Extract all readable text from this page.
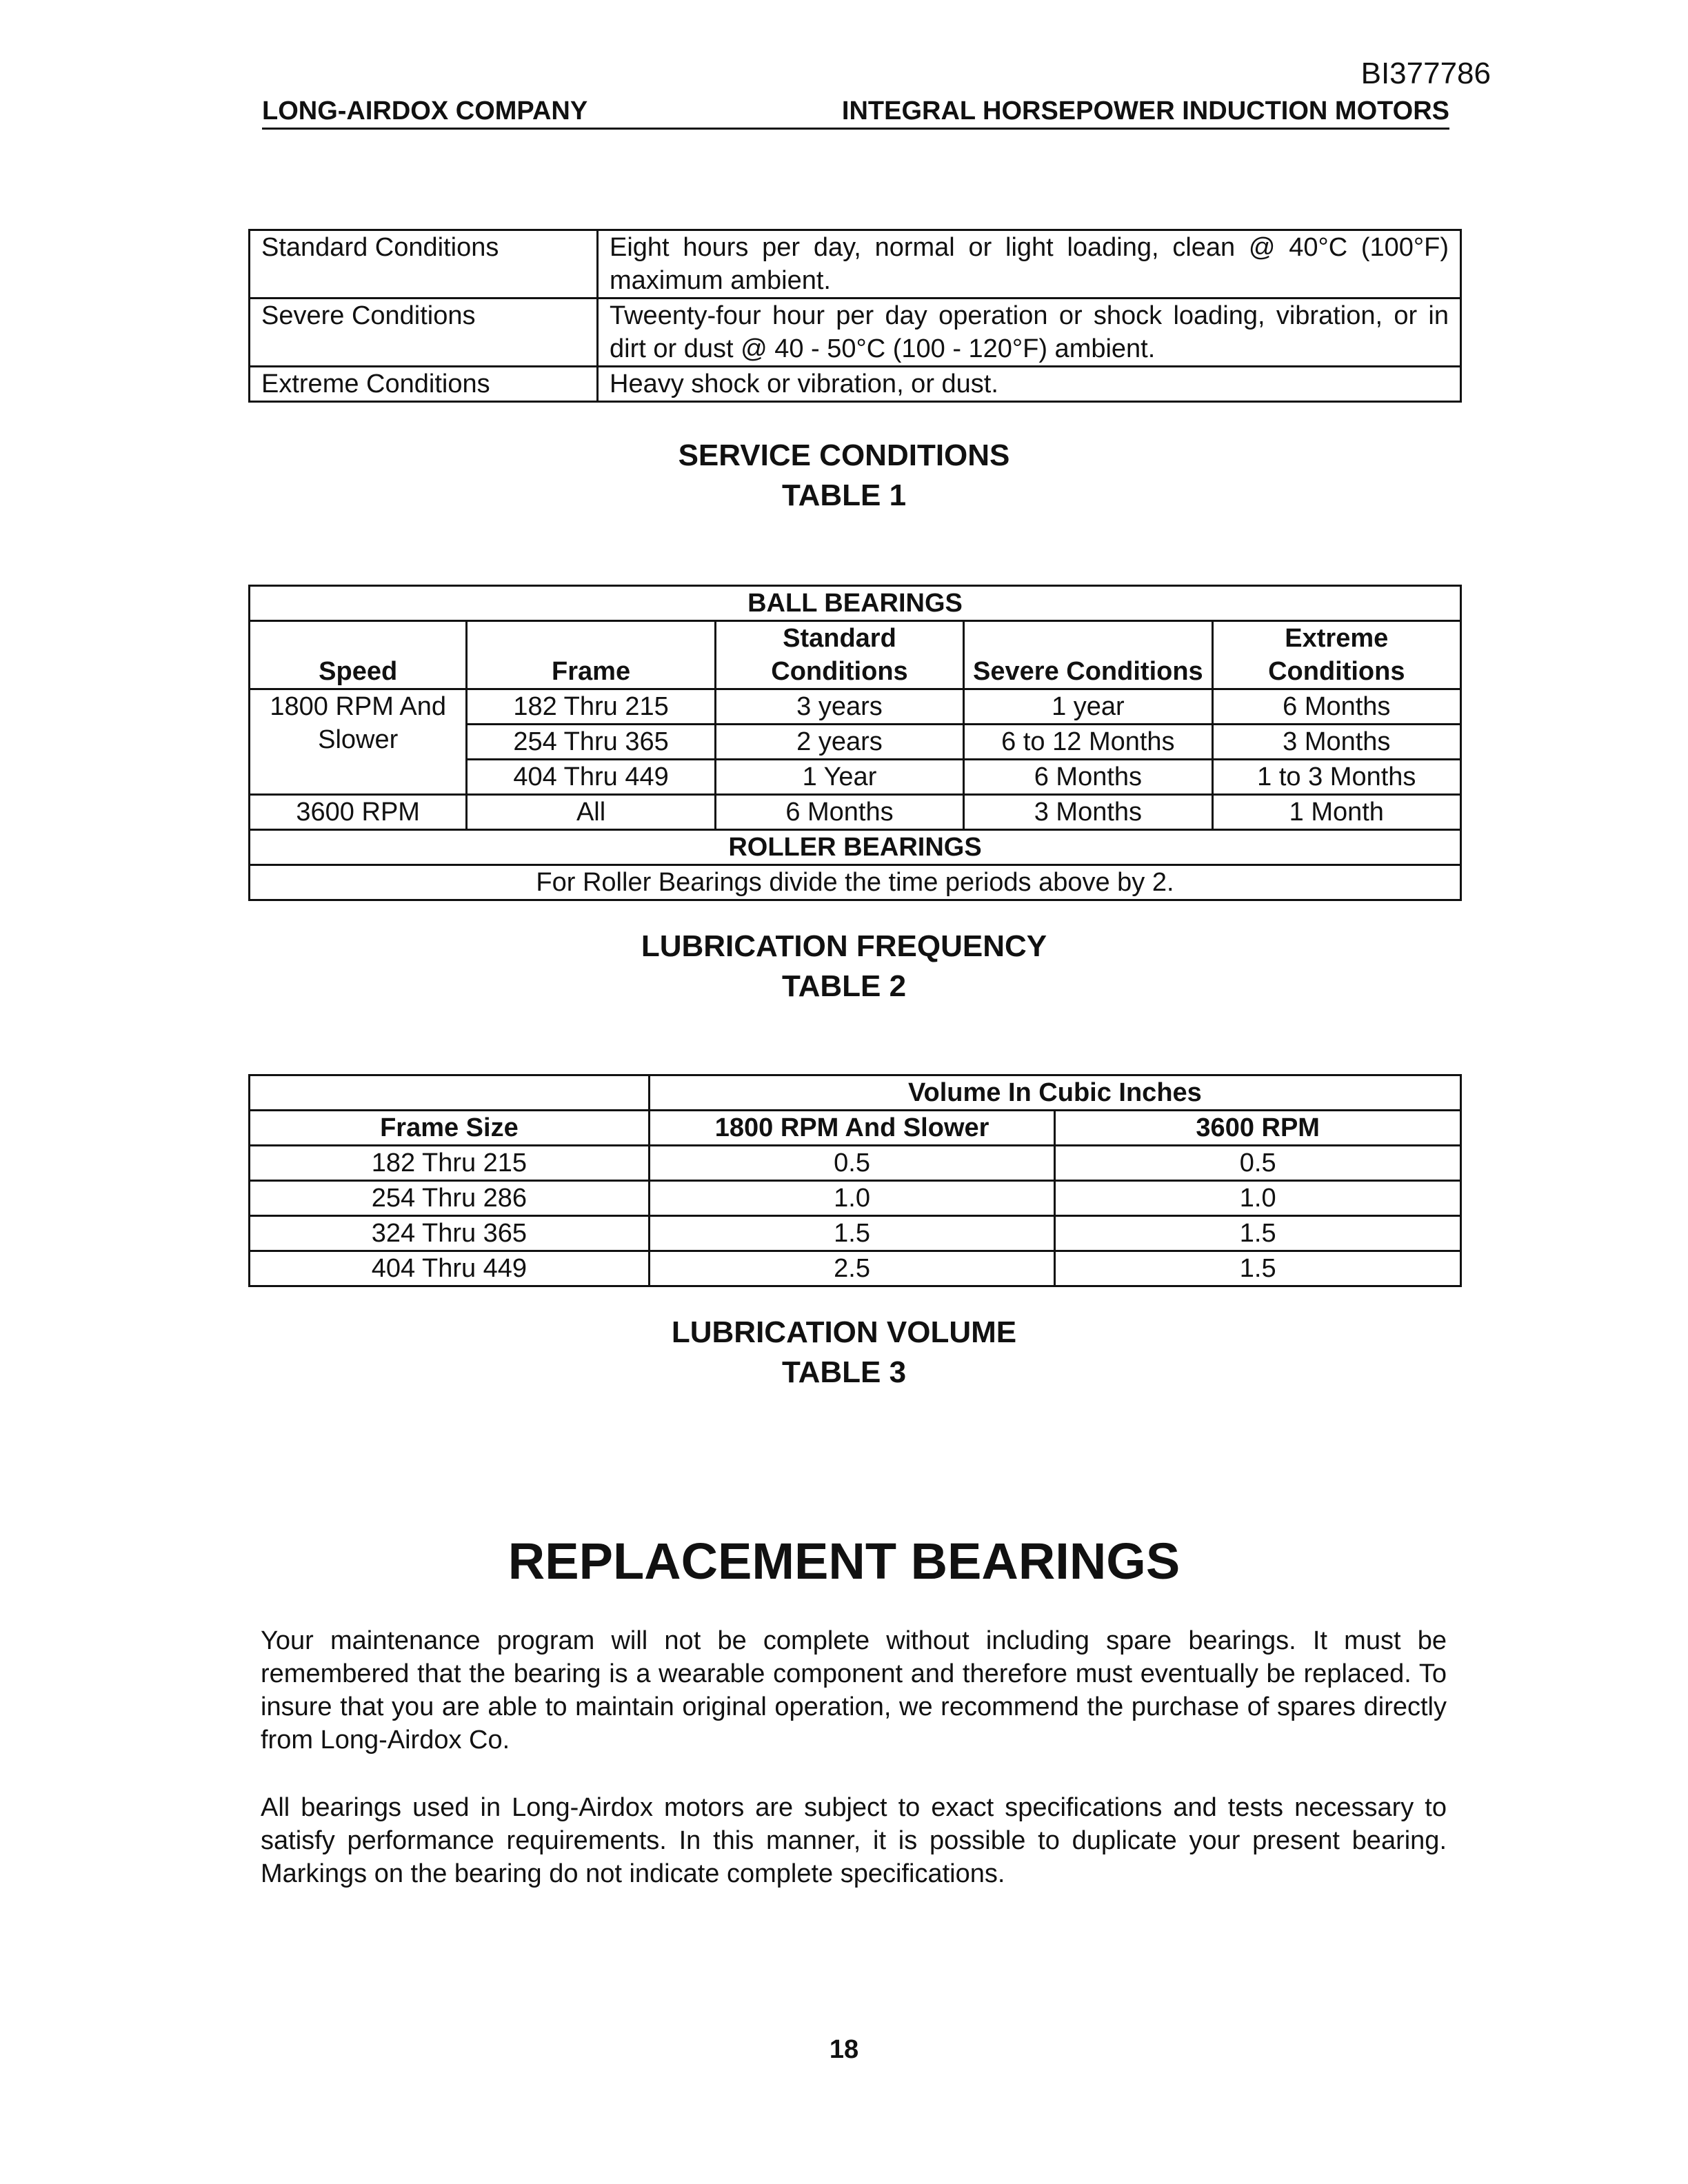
BI377786
LONG-AIRDOX COMPANY	INTEGRAL HORSEPOWER INDUCTION MOTORS
Standard Conditions	Eight hours per day, normal or light loading, clean @ 40°C (100°F) maximum ambient.
Severe Conditions	Tweenty-four hour per day operation or shock loading, vibration, or in dirt or dust @ 40 - 50°C (100 - 120°F) ambient.
Extreme Conditions	Heavy shock or vibration, or dust.
SERVICE CONDITIONS
TABLE 1
BALL BEARINGS				
Speed	Frame	Standard Conditions	Severe Conditions	Extreme Conditions
1800 RPM And Slower	182 Thru 215	3 years	1 year	6 Months
	254 Thru 365	2 years	6 to 12 Months	3 Months
	404 Thru 449	1 Year	6 Months	1 to 3 Months
3600 RPM	All	6 Months	3 Months	1 Month
ROLLER BEARINGS				
For Roller Bearings divide the time periods above by 2.				
LUBRICATION FREQUENCY
TABLE 2
	Volume In Cubic Inches	
Frame Size	1800 RPM And Slower	3600 RPM
182 Thru 215	0.5	0.5
254 Thru 286	1.0	1.0
324 Thru 365	1.5	1.5
404 Thru 449	2.5	1.5
LUBRICATION VOLUME
TABLE 3
REPLACEMENT BEARINGS

Your maintenance program will not be complete without including spare bearings. It must be remembered that the bearing is a wearable component and therefore must eventually be replaced. To insure that you are able to maintain original operation, we recommend the purchase of spares directly from Long-Airdox Co.

All bearings used in Long-Airdox motors are subject to exact specifications and tests necessary to satisfy performance requirements. In this manner, it is possible to duplicate your present bearing. Markings on the bearing do not indicate complete specifications.

18
